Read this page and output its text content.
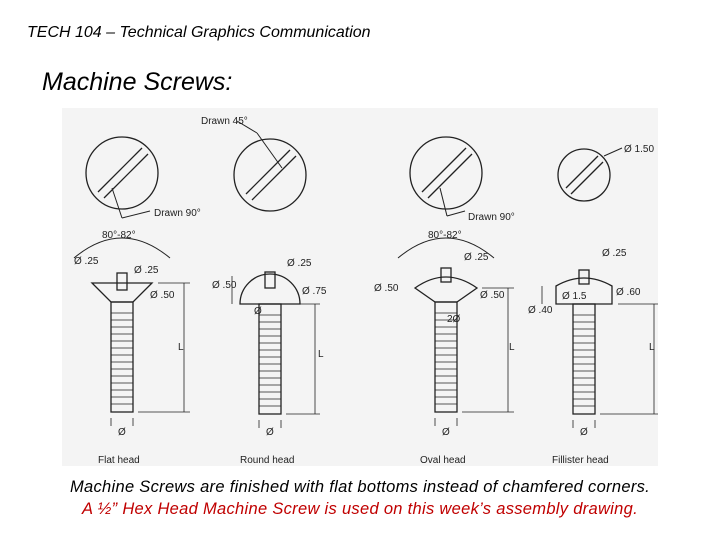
TECH 104 – Technical Graphics Communication
Machine Screws:
Drawn 45°
Drawn 90°	Drawn 90°
80°-82°	80°-82°
Ø 1.50
Ø .25
Ø .25
Ø .50
Ø .25
Ø .50
Ø .75
Ø
Ø .50
Ø .25
Ø .50
2Ø
Ø .25
Ø 1.5	Ø .60
Ø .40
L
L
L	L
Ø	Ø	Ø	Ø
Flat head	Round head	Oval head	Fillister head
Machine Screws are finished with flat bottoms instead of chamfered corners.
A ½” Hex Head Machine Screw is used on this week’s assembly drawing.
